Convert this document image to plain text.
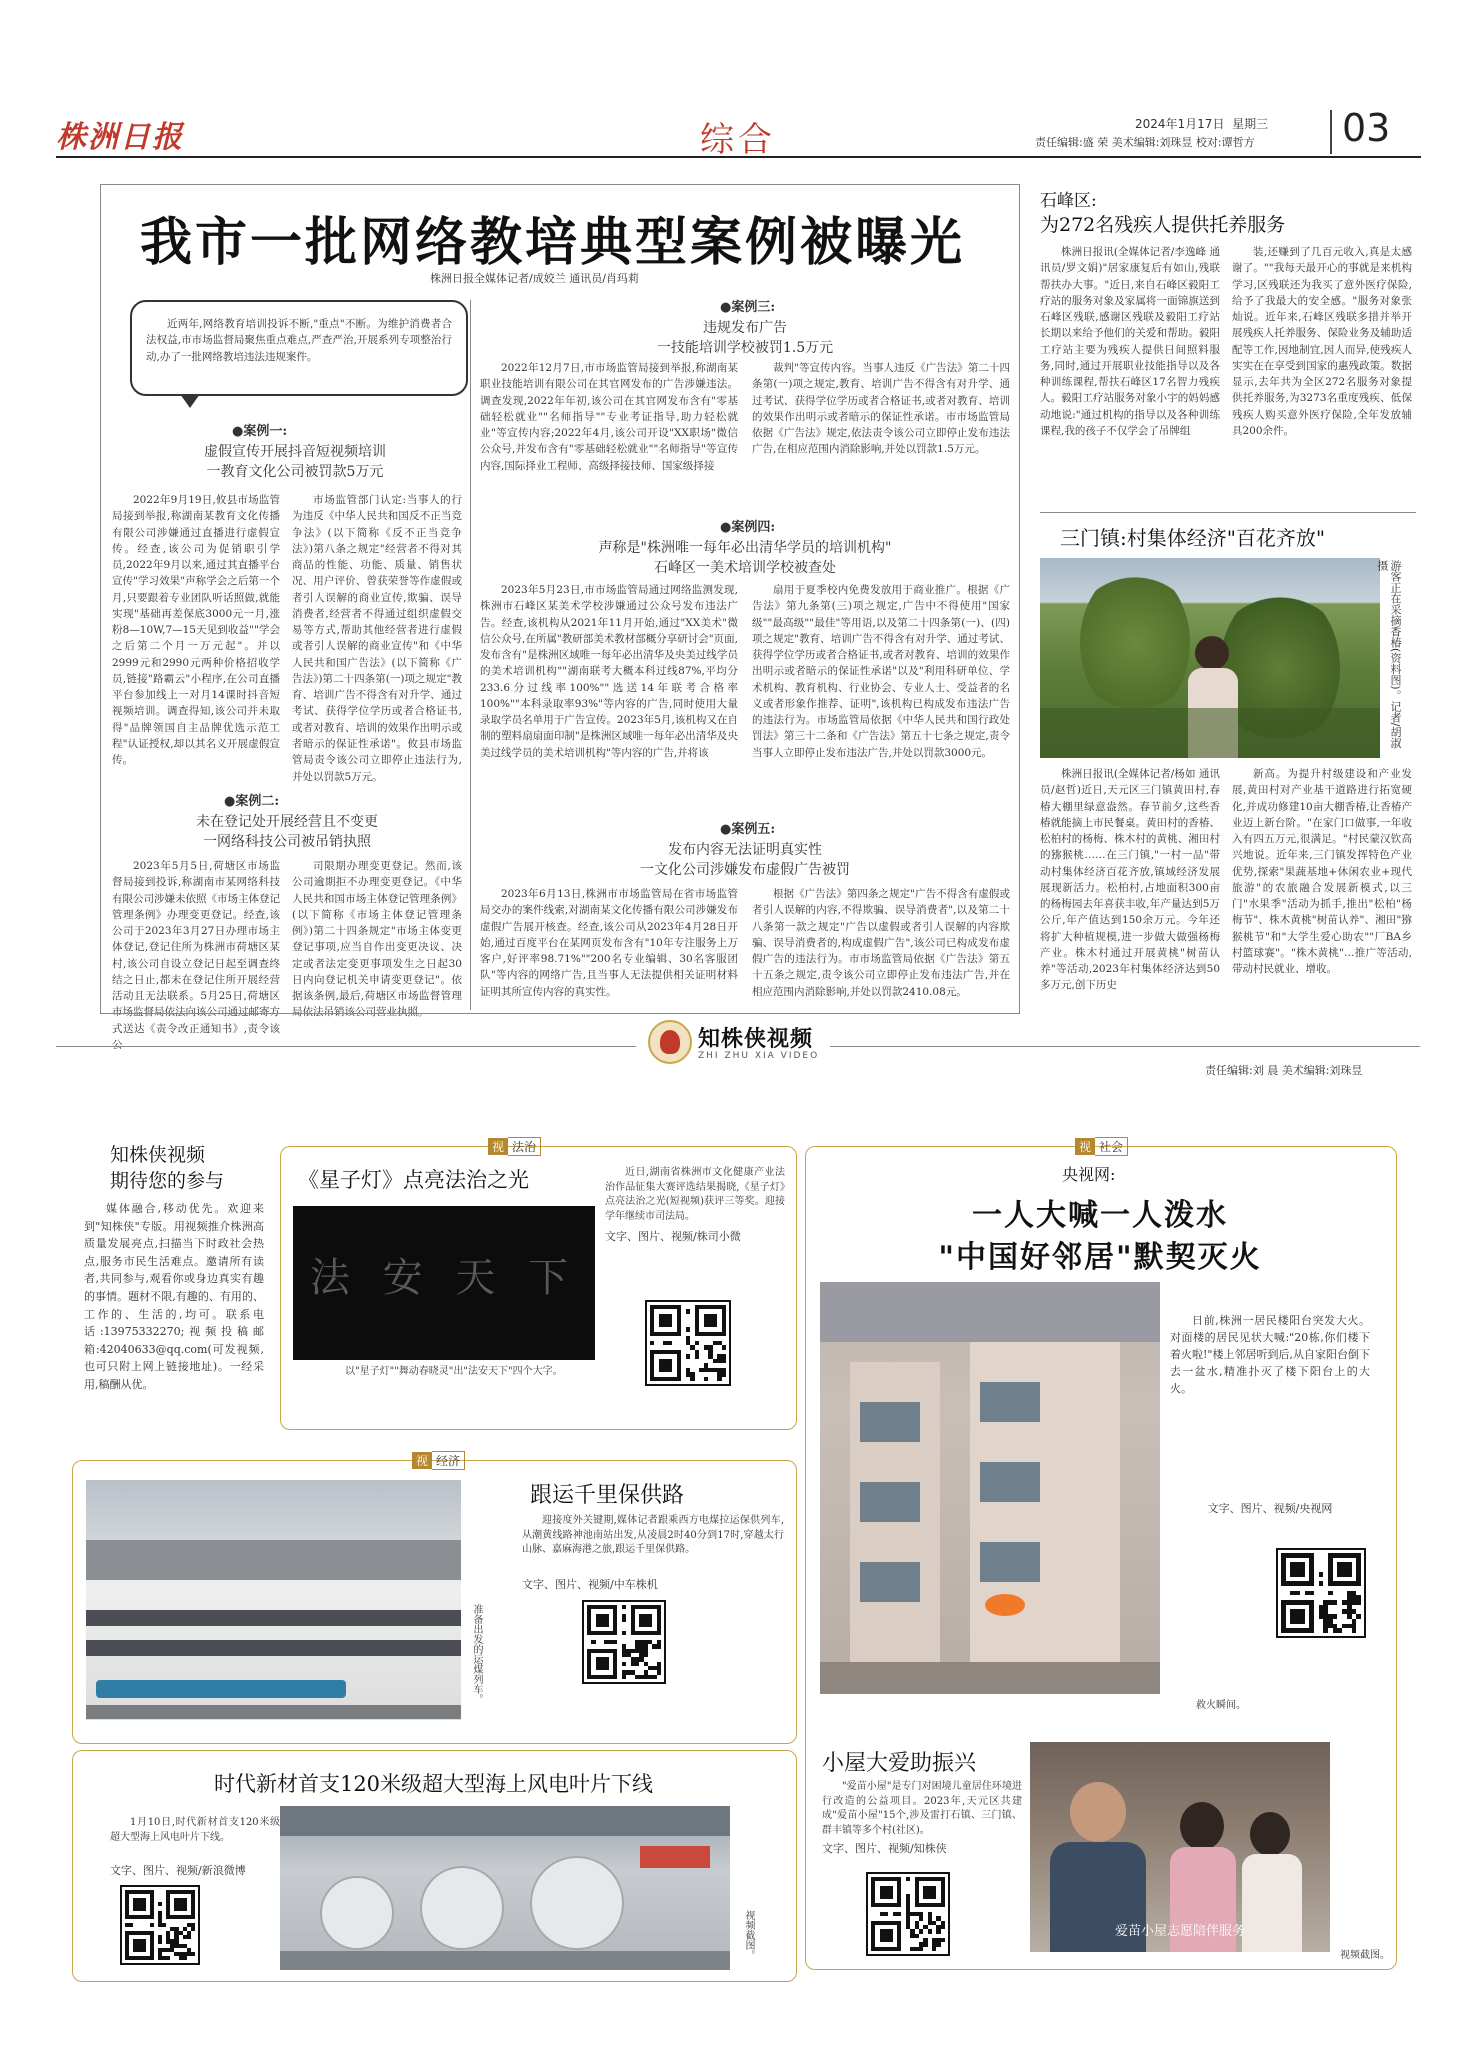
株洲日报	综合	2024年1月17日 星期三
责任编辑:盛 荣 美术编辑:刘珠昱 校对:谭哲方 03
我市一批网络教培典型案例被曝光
株洲日报全媒体记者/成姣兰 通讯员/肖玛莉
近两年,网络教育培训投诉不断,"重点"不断。为维护消费者合法权益,市市场监督局聚焦重点难点,严查严治,开展系列专项整治行动,办了一批网络教培违法违规案件。
●案例一:
虚假宣传开展抖音短视频培训
一教育文化公司被罚款5万元

2022年9月19日,攸县市场监管局接到举报,称湖南某教育文化传播有限公司涉嫌通过直播进行虚假宣传。经查,该公司为促销职引学员,2022年9月以来,通过其直播平台宣传"学习效果"声称学会之后第一个月,只要跟着专业团队听话照做,就能实现"基础再差保底3000元一月,涨粉8—10W,7—15天见到收益""学会之后第二个月一万元起"。并以2999元和2990元两种价格招收学员,链接"路霸云"小程序,在公司直播平台参加线上一对月14课时抖音短视频培训。调查得知,该公司并未取得"品牌领国自主品牌优选示范工程"认证授权,却以其名义开展虚假宣传。

市场监管部门认定:当事人的行为违反《中华人民共和国反不正当竞争法》(以下简称《反不正当竞争法》)第八条之规定"经营者不得对其商品的性能、功能、质量、销售状况、用户评价、曾获荣誉等作虚假或者引人误解的商业宣传,欺骗、误导消费者,经营者不得通过组织虚假交易等方式,帮助其他经营者进行虚假或者引人误解的商业宣传"和《中华人民共和国广告法》(以下简称《广告法》)第二十四条第(一)项之规定"教育、培训广告不得含有对升学、通过考试、获得学位学历或者合格证书,或者对教育、培训的效果作出明示或者暗示的保证性承诺"。攸县市场监管局责令该公司立即停止违法行为,并处以罚款5万元。

●案例二:
未在登记处开展经营且不变更
一网络科技公司被吊销执照

2023年5月5日,荷塘区市场监督局接到投诉,称湖南市某网络科技有限公司涉嫌未依照《市场主体登记管理条例》办理变更登记。经查,该公司于2023年3月27日办理市场主体登记,登记住所为株洲市荷塘区某村,该公司自设立登记日起至调查终结之日止,都未在登记住所开展经营活动且无法联系。5月25日,荷塘区市场监督局依法向该公司通过邮寄方式送达《责令改正通知书》,责令该公

司限期办理变更登记。然而,该公司逾期拒不办理变更登记。《中华人民共和国市场主体登记管理条例》(以下简称《市场主体登记管理条例》)第二十四条规定"市场主体变更登记事项,应当自作出变更决议、决定或者法定变更事项发生之日起30日内向登记机关申请变更登记"。依据该条例,最后,荷塘区市场监督管理局依法吊销该公司营业执照。

●案例三:
违规发布广告
一技能培训学校被罚1.5万元

2022年12月7日,市市场监管局接到举报,称湖南某职业技能培训有限公司在其官网发布的广告涉嫌违法。调查发现,2022年年初,该公司在其官网发布含有"零基础轻松就业""名师指导""专业考证指导,助力轻松就业"等宣传内容;2022年4月,该公司开设"XX职场"微信公众号,并发布含有"零基础轻松就业""名师指导"等宣传内容,国际择业工程师、高级择接技师、国家级择接

裁判"等宣传内容。当事人违反《广告法》第二十四条第(一)项之规定,教育、培训广告不得含有对升学、通过考试、获得学位学历或者合格证书,或者对教育、培训的效果作出明示或者暗示的保证性承诺。市市场监管局依据《广告法》规定,依法责令该公司立即停止发布违法广告,在相应范围内消除影响,并处以罚款1.5万元。

●案例四:
声称是"株洲唯一每年必出清华学员的培训机构"
石峰区一美术培训学校被查处

2023年5月23日,市市场监管局通过网络监测发现,株洲市石峰区某美术学校涉嫌通过公众号发布违法广告。经查,该机构从2021年11月开始,通过"XX美术"微信公众号,在所属"教研部美术教材部概分享研讨会"页面,发布含有"是株洲区域唯一每年必出清华及央美过线学员的美术培训机构""湖南联考大概本科过线87%,平均分233.6分过线率100%""选送14年联考合格率100%""本科录取率93%"等内容的广告,同时使用大量录取学员名单用于广告宣传。2023年5月,该机构又在自制的塑料扇扇面印制"是株洲区域唯一每年必出清华及央美过线学员的美术培训机构"等内容的广告,并将该

扇用于夏季校内免费发放用于商业推广。根据《广告法》第九条第(三)项之规定,广告中不得使用"国家级""最高级""最佳"等用语,以及第二十四条第(一)、(四)项之规定"教育、培训广告不得含有对升学、通过考试、获得学位学历或者合格证书,或者对教育、培训的效果作出明示或者暗示的保证性承诺"以及"利用科研单位、学术机构、教育机构、行业协会、专业人士、受益者的名义或者形象作推荐、证明",该机构已构成发布违法广告的违法行为。市场监管局依据《中华人民共和国行政处罚法》第三十二条和《广告法》第五十七条之规定,责令当事人立即停止发布违法广告,并处以罚款3000元。

●案例五:
发布内容无法证明真实性
一文化公司涉嫌发布虚假广告被罚

2023年6月13日,株洲市市场监管局在省市场监管局交办的案件线索,对湖南某文化传播有限公司涉嫌发布虚假广告展开核查。经查,该公司从2023年4月28日开始,通过百度平台在某网页发布含有"10年专注服务上万客户,好评率98.71%""200名专业编辑、30名客服团队"等内容的网络广告,且当事人无法提供相关证明材料证明其所宣传内容的真实性。

根据《广告法》第四条之规定"广告不得含有虚假或者引人误解的内容,不得欺骗、误导消费者",以及第二十八条第一款之规定"广告以虚假或者引人误解的内容欺骗、误导消费者的,构成虚假广告",该公司已构成发布虚假广告的违法行为。市市场监管局依据《广告法》第五十五条之规定,责令该公司立即停止发布违法广告,并在相应范围内消除影响,并处以罚款2410.08元。

石峰区:
为272名残疾人提供托养服务

株洲日报讯(全媒体记者/李逸峰 通讯员/罗文娟)"居家康复后有如山,残联帮扶办大事。"近日,来自石峰区毅阳工疗站的服务对象及家属将一面锦旗送到石峰区残联,感谢区残联及毅阳工疗站长期以来给予他们的关爱和帮助。毅阳工疗站主要为残疾人提供日间照料服务,同时,通过开展职业技能指导以及各种训练课程,帮扶石峰区17名智力残疾人。毅阳工疗站服务对象小宇的妈妈感动地说:"通过机构的指导以及各种训练课程,我的孩子不仅学会了吊牌组

装,还赚到了几百元收入,真是太感谢了。""我每天最开心的事就是来机构学习,区残联还为我买了意外医疗保险,给予了我最大的安全感。"服务对象张灿说。近年来,石峰区残联多措并举开展残疾人托养服务、保险业务及辅助适配等工作,因地制宜,因人而异,使残疾人实实在在享受到国家的惠残政策。数据显示,去年共为全区272名服务对象提供托养服务,为3273名重度残疾、低保残疾人购买意外医疗保险,全年发放辅具200余件。

三门镇:村集体经济"百花齐放"
游客正在采摘香椿(资料图)。记者/胡淑 摄

株洲日报讯(全媒体记者/杨如 通讯员/赵哲)近日,天元区三门镇黄田村,春椿大棚里绿意盎然。春节前夕,这些香椿就能摘上市民餐桌。黄田村的香椿、松柏村的杨梅、株木村的黄桃、湘田村的猕猴桃……在三门镇,"一村一品"带动村集体经济百花齐放,镇域经济发展展现新活力。松柏村,占地面积300亩的杨梅园去年喜获丰收,年产量达到5万公斤,年产值达到150余万元。今年还将扩大种植规模,进一步做大做强杨梅产业。株木村通过开展黄桃"树苗认养"等活动,2023年村集体经济达到50多万元,创下历史

新高。为提升村级建设和产业发展,黄田村对产业基干道路进行拓宽硬化,并成功修建10亩大棚香椿,让香椿产业迈上新台阶。"在家门口做事,一年收入有四五万元,很满足。"村民蒙汉钦高兴地说。近年来,三门镇发挥特色产业优势,探索"果蔬基地+休闲农业+现代旅游"的农旅融合发展新模式,以三门"水果季"活动为抓手,推出"松柏"杨梅节"、株木黄桃"树苗认养"、湘田"猕猴桃节"和"大学生爱心助农""厂BA乡村篮球赛"。"株木黄桃"…推广等活动,带动村民就业、增收。

知株侠视频
ZHI ZHU XIA VIDEO
责任编辑:刘 晨 美术编辑:刘珠昱
知株侠视频
期待您的参与

媒体融合,移动优先。欢迎来到"知株侠"专版。用视频推介株洲高质量发展亮点,扫描当下时政社会热点,服务市民生活难点。邀请所有读者,共同参与,观看你或身边真实有趣的事情。题材不限,有趣的、有用的、工作的、生活的,均可。联系电话:13975332270;视频投稿邮箱:42040633@qq.com(可发视频,也可只附上网上链接地址)。一经采用,稿酬从优。

视 法治
《星子灯》点亮法治之光
法 安 天 下
以"星子灯""舞动春晓灵"出"法安天下"四个大字。

近日,湖南省株洲市文化健康产业法治作品征集大赛评选结果揭晓,《星子灯》点亮法治之光(短视频)获评三等奖。迎接学年继续市司法局。

文字、图片、视频/株司小微
视 社会
央视网:
一人大喊一人泼水
"中国好邻居"默契灭火

日前,株洲一居民楼阳台突发大火。对面楼的居民见状大喊:"20栋,你们楼下着火啦!"楼上邻居听到后,从自家阳台倒下去一盆水,精准扑灭了楼下阳台上的大火。

文字、图片、视频/央视网
救火瞬间。
视 经济
准备出发的运煤列车。
跟运千里保供路

迎接度外关键期,媒体记者跟乘西方电煤拉运保供列车,从潮黄线路神池南站出发,从凌晨2时40分到17时,穿越太行山脉、嘉麻海港之旅,跟运千里保供路。

文字、图片、视频/中车株机
时代新材首支120米级超大型海上风电叶片下线

1月10日,时代新材首支120米级超大型海上风电叶片下线。

文字、图片、视频/新浪微博
视频截图。
小屋大爱助振兴

"爱苗小屋"是专门对困境儿童居住环境进行改造的公益项目。2023年,天元区共建成"爱苗小屋"15个,涉及雷打石镇、三门镇、群丰镇等多个村(社区)。

文字、图片、视频/知株侠
爱苗小屋志愿陪伴服务
视频截图。
